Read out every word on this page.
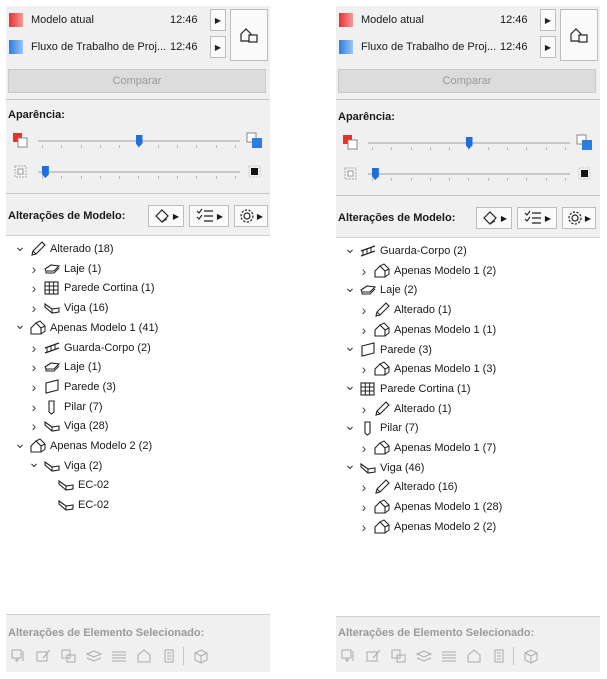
Modelo atual	12:46	▶
Fluxo de Trabalho de Proj... 12:46	▶
Comparar
Aparência:
Alterações de Modelo:	▶	▶	▶
⌄ Alterado (18)
›	Laje (1)
›	Parede Cortina (1)
›	Viga (16)
⌄ Apenas Modelo 1 (41)
›	Guarda-Corpo (2)
›	Laje (1)
›	Parede (3)
›	Pilar (7)
›	Viga (28)
⌄ Apenas Modelo 2 (2)
⌄ Viga (2)
EC-02
EC-02
Alterações de Elemento Selecionado:
Modelo atual	12:46	▶
Fluxo de Trabalho de Proj... 12:46	▶
Comparar
Aparência:
Alterações de Modelo:	▶	▶	▶
⌄ Guarda-Corpo (2)
›	Apenas Modelo 1 (2)
⌄ Laje (2)
›	Alterado (1)
›	Apenas Modelo 1 (1)
⌄ Parede (3)
›	Apenas Modelo 1 (3)
⌄ Parede Cortina (1)
›	Alterado (1)
⌄ Pilar (7)
›	Apenas Modelo 1 (7)
⌄ Viga (46)
›	Alterado (16)
›	Apenas Modelo 1 (28)
›	Apenas Modelo 2 (2)
Alterações de Elemento Selecionado:
